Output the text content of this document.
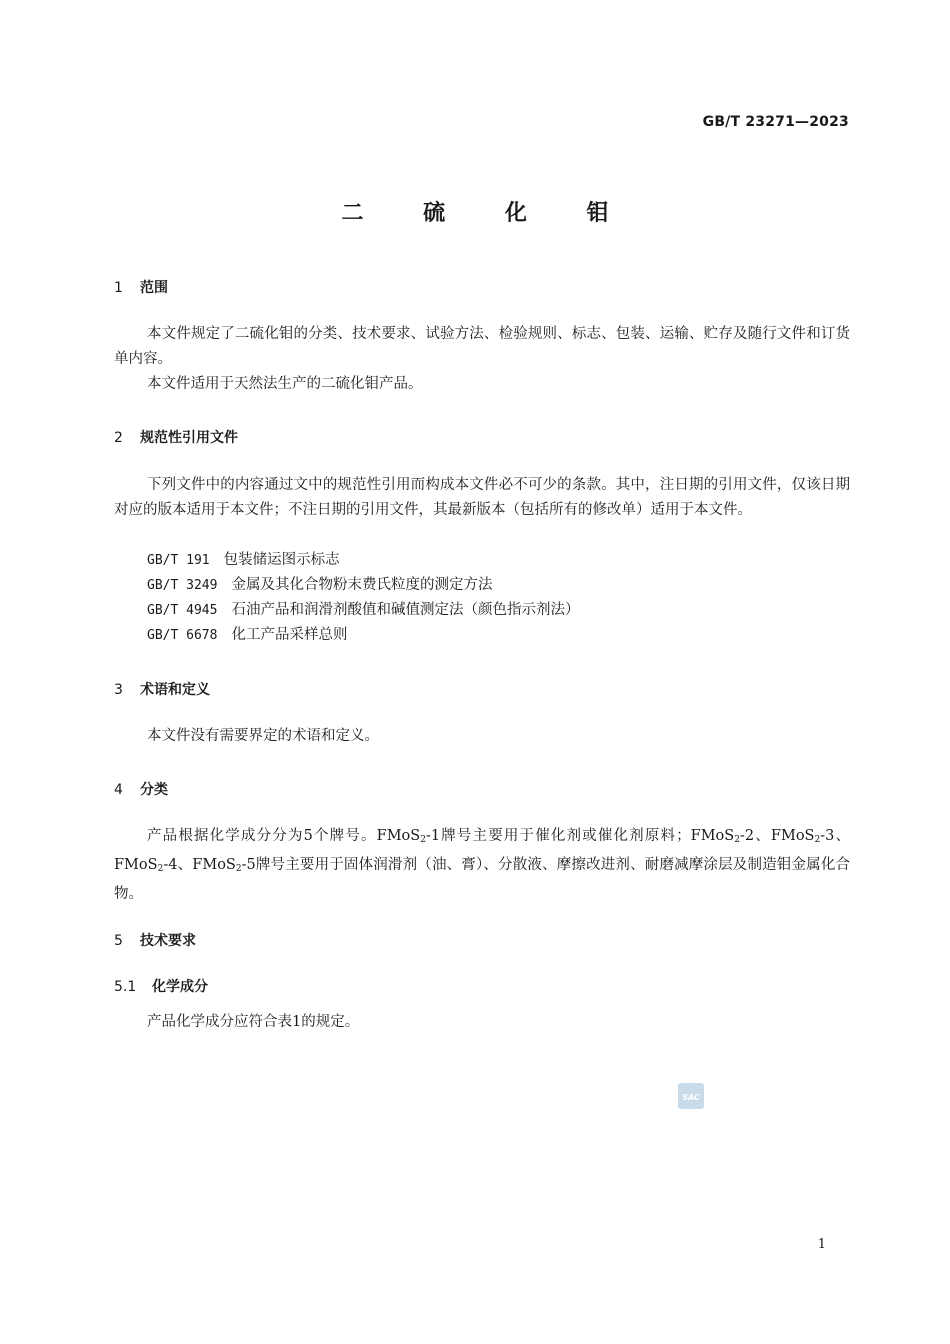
GB/T 23271—2023
二 硫 化 钼
1 范围

本文件规定了二硫化钼的分类、技术要求、试验方法、检验规则、标志、包装、运输、贮存及随行文件和订货单内容。

本文件适用于天然法生产的二硫化钼产品。

2 规范性引用文件

下列文件中的内容通过文中的规范性引用而构成本文件必不可少的条款。其中，注日期的引用文件，仅该日期对应的版本适用于本文件；不注日期的引用文件，其最新版本（包括所有的修改单）适用于本文件。

GB/T 191 包装储运图示标志
GB/T 3249 金属及其化合物粉末费氏粒度的测定方法
GB/T 4945 石油产品和润滑剂酸值和碱值测定法（颜色指示剂法）
GB/T 6678 化工产品采样总则
3 术语和定义

本文件没有需要界定的术语和定义。

4 分类

产品根据化学成分分为5个牌号。FMoS$_2$-1牌号主要用于催化剂或催化剂原料；FMoS$_2$-2、FMoS$_2$-3、FMoS$_2$-4、FMoS$_2$-5牌号主要用于固体润滑剂（油、膏）、分散液、摩擦改进剂、耐磨减摩涂层及制造钼金属化合物。

5 技术要求
5.1 化学成分

产品化学成分应符合表1的规定。

SAC
1
